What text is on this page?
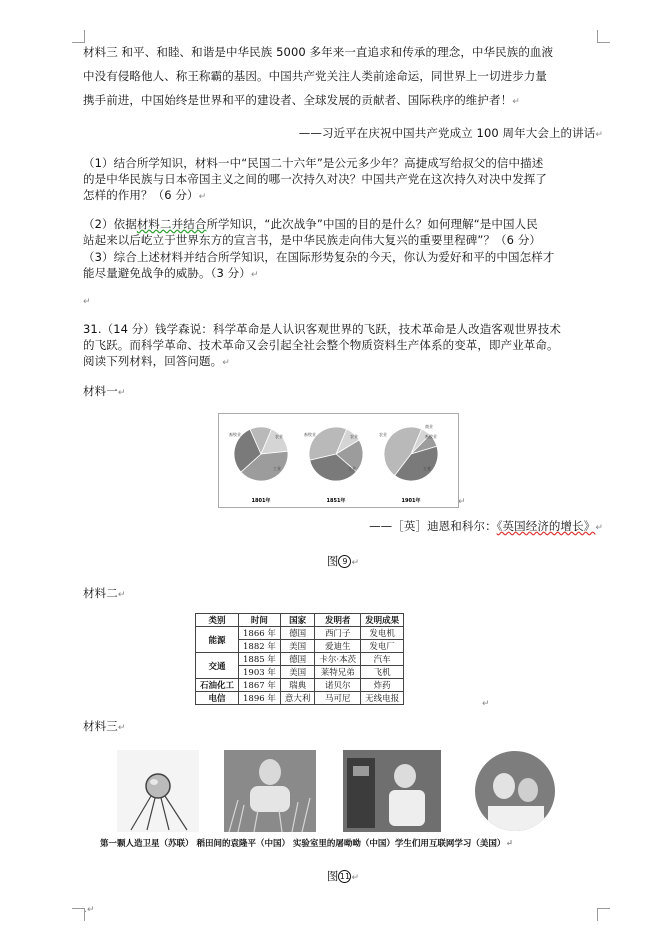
材料三 和平、和睦、和谐是中华民族 5000 多年来一直追求和传承的理念，中华民族的血液
中没有侵略他人、称王称霸的基因。中国共产党关注人类前途命运，同世界上一切进步力量
携手前进，中国始终是世界和平的建设者、全球发展的贡献者、国际秩序的维护者！↵
——习近平在庆祝中国共产党成立 100 周年大会上的讲话↵
（1）结合所学知识，材料一中“民国二十六年”是公元多少年？高捷成写给叔父的信中描述
的是中华民族与日本帝国主义之间的哪一次持久对决？中国共产党在这次持久对决中发挥了
怎样的作用？（6 分）↵
（2）依据材料二并结合所学知识，“此次战争”中国的目的是什么？如何理解“是中国人民
站起来以后屹立于世界东方的宣言书，是中华民族走向伟大复兴的重要里程碑”？（6 分）
（3）综合上述材料并结合所学知识，在国际形势复杂的今天，你认为爱好和平的中国怎样才
能尽量避免战争的威胁。（3 分）↵
↵
31.（14 分）钱学森说：科学革命是人认识客观世界的飞跃，技术革命是人改造客观世界技术
的飞跃。而科学革命、技术革命又会引起全社会整个物质资料生产体系的变革，即产业革命。
阅读下列材料，回答问题。↵
材料一↵
畜牧业	农业
工业
1801年
畜牧业	农业
工业
1851年
农业	畜牧业
工业
商业
1901年	↵
——［英］迪恩和科尔：《英国经济的增长》↵
图 9 ↵
材料二↵
类别	时间	国家	发明者	发明成果
能源	1866 年	德国	西门子	发电机
	1882 年	美国	爱迪生	发电厂
交通	1885 年	德国	卡尔·本茨	汽车
	1903 年	美国	莱特兄弟	飞机
石油化工	1867 年	瑞典	诺贝尔	炸药
电信	1896 年	意大利	马可尼	无线电报	↵
材料三↵
第一颗人造卫星（苏联） 稻田间的袁隆平（中国） 实验室里的屠呦呦（中国）学生们用互联网学习（美国）↵
图11↵
.↵
